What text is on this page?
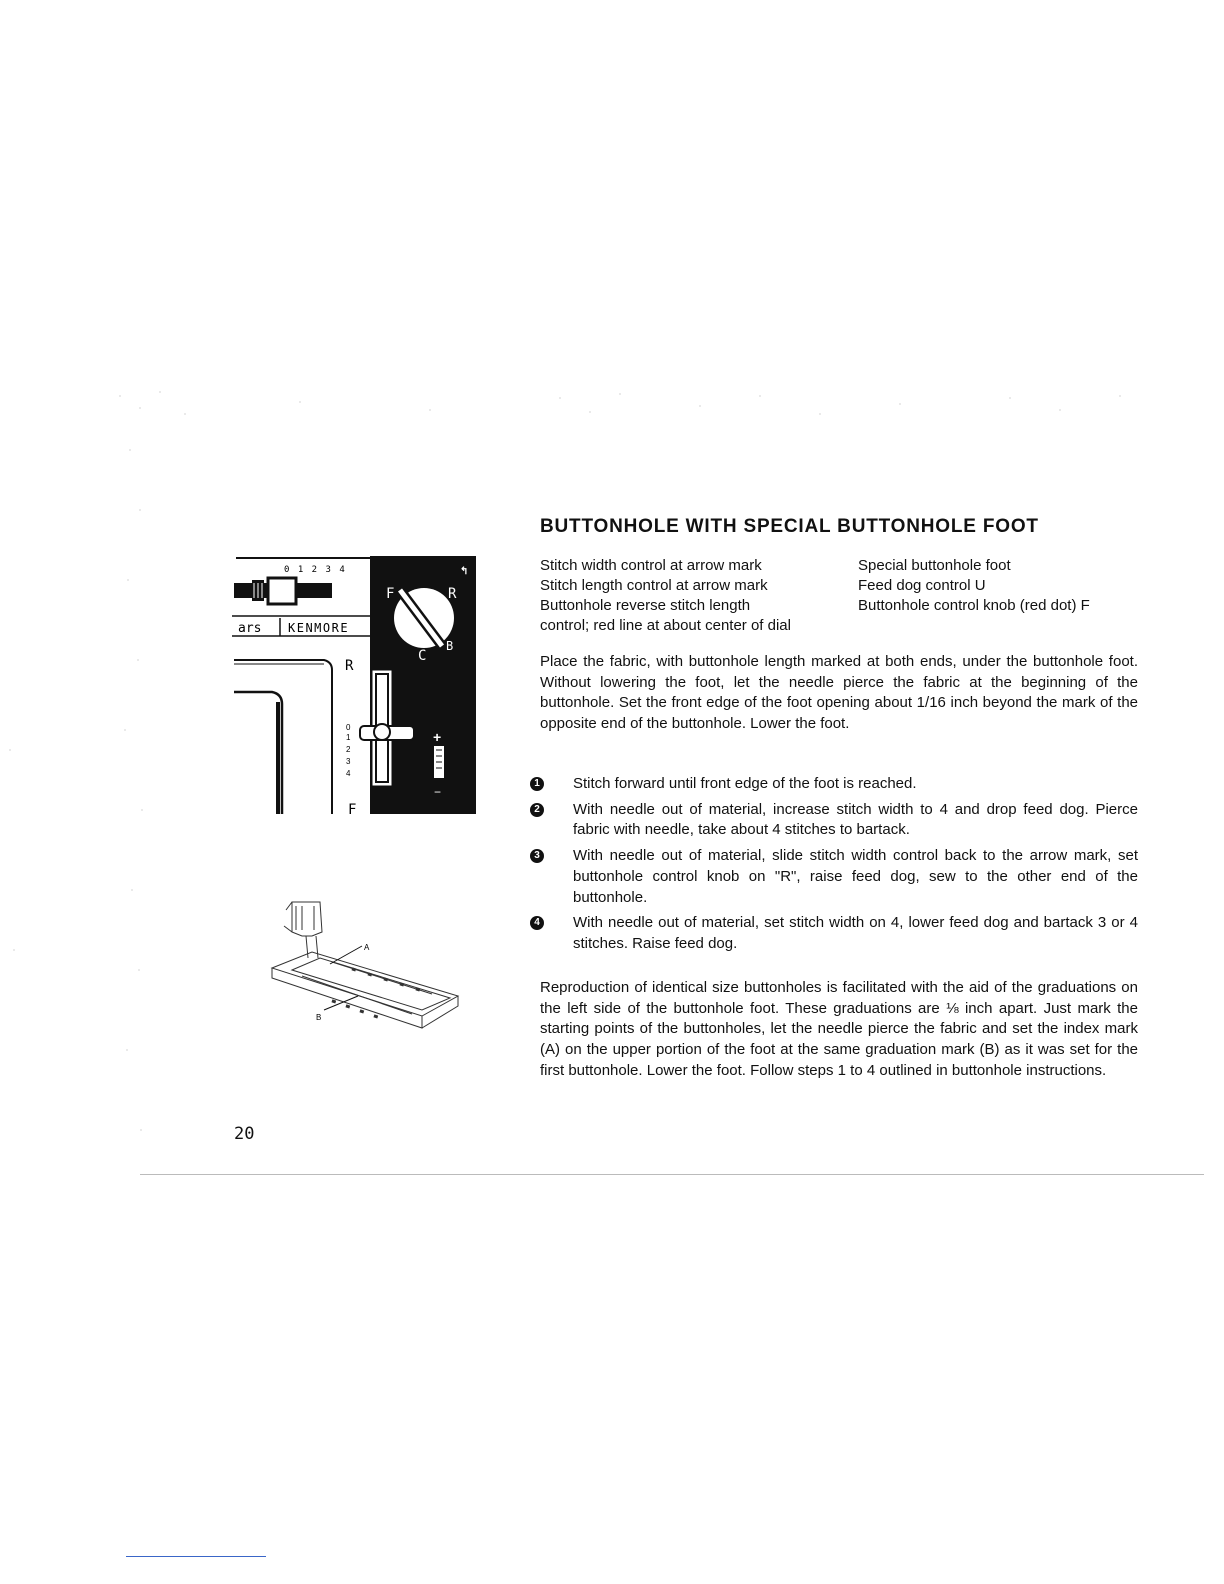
0 1 2 3 4
ars KENMORE
↰
F	R
C
B
R
F
0
1
2
3
4
+
−
A
B
BUTTONHOLE WITH SPECIAL BUTTONHOLE FOOT
Stitch width control at arrow mark
Stitch length control at arrow mark
Buttonhole reverse stitch length
control; red line at about center of dial
Special buttonhole foot
Feed dog control U
Buttonhole control knob (red dot) F

Place the fabric, with buttonhole length marked at both ends, under the buttonhole foot. Without lowering the foot, let the needle pierce the fabric at the beginning of the buttonhole. Set the front edge of the foot opening about 1/16 inch beyond the mark of the opposite end of the buttonhole. Lower the foot.

1 Stitch forward until front edge of the foot is reached.
2 With needle out of material, increase stitch width to 4 and drop feed dog. Pierce fabric with needle, take about 4 stitches to bartack.
3 With needle out of material, slide stitch width control back to the arrow mark, set buttonhole control knob on "R", raise feed dog, sew to the other end of the buttonhole.
4 With needle out of material, set stitch width on 4, lower feed dog and bartack 3 or 4 stitches. Raise feed dog.

Reproduction of identical size buttonholes is facilitated with the aid of the graduations on the left side of the buttonhole foot. These graduations are ⅛ inch apart. Just mark the starting points of the buttonholes, let the needle pierce the fabric and set the index mark (A) on the upper portion of the foot at the same graduation mark (B) as it was set for the first buttonhole. Lower the foot. Follow steps 1 to 4 outlined in buttonhole instructions.

20
